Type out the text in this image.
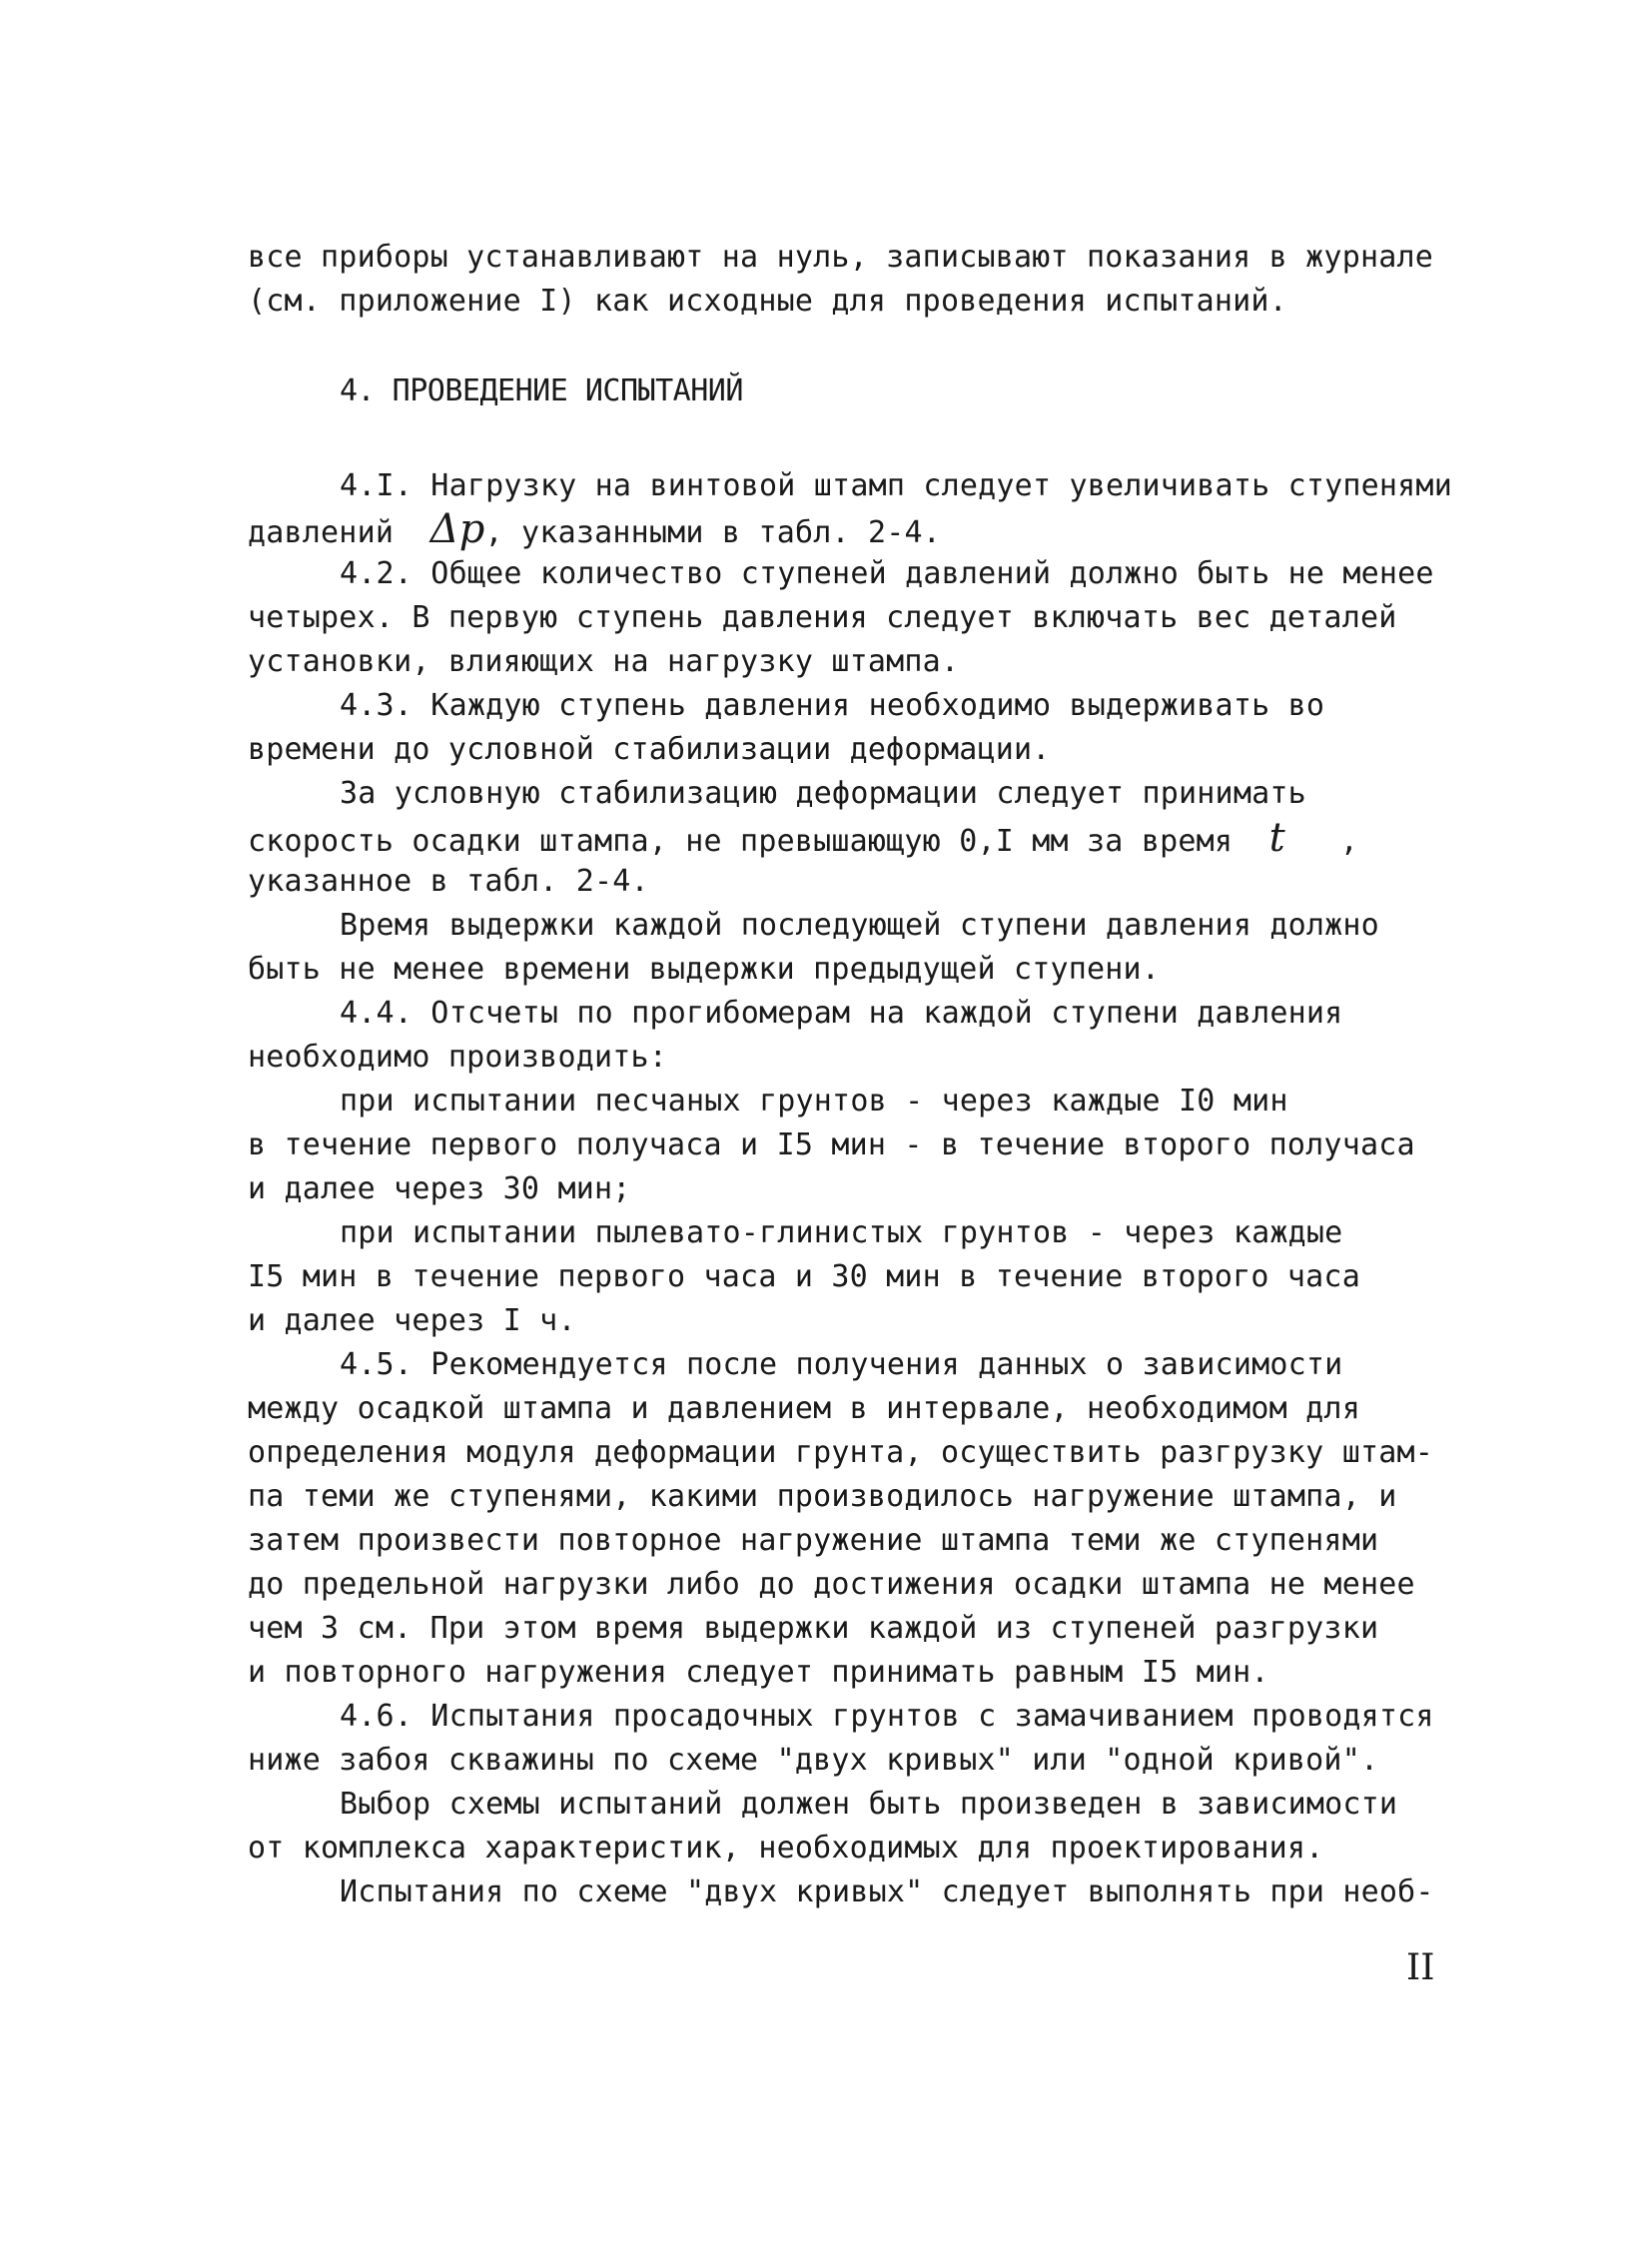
все приборы устанавливают на нуль, записывают показания в журнале
(см. приложение I) как исходные для проведения испытаний.
4. ПРОВЕДЕНИЕ ИСПЫТАНИЙ
4.I. Нагрузку на винтовой штамп следует увеличивать ступенями
давлений Δp, указанными в табл. 2-4.
4.2. Общее количество ступеней давлений должно быть не менее
четырех. В первую ступень давления следует включать вес деталей
установки, влияющих на нагрузку штампа.
4.3. Каждую ступень давления необходимо выдерживать во
времени до условной стабилизации деформации.
За условную стабилизацию деформации следует принимать
скорость осадки штампа, не превышающую 0,I мм за время t ,
указанное в табл. 2-4.
Время выдержки каждой последующей ступени давления должно
быть не менее времени выдержки предыдущей ступени.
4.4. Отсчеты по прогибомерам на каждой ступени давления
необходимо производить:
при испытании песчаных грунтов - через каждые I0 мин
в течение первого получаса и I5 мин - в течение второго получаса
и далее через 30 мин;
при испытании пылевато-глинистых грунтов - через каждые
I5 мин в течение первого часа и 30 мин в течение второго часа
и далее через I ч.
4.5. Рекомендуется после получения данных о зависимости
между осадкой штампа и давлением в интервале, необходимом для
определения модуля деформации грунта, осуществить разгрузку штам-
па теми же ступенями, какими производилось нагружение штампа, и
затем произвести повторное нагружение штампа теми же ступенями
до предельной нагрузки либо до достижения осадки штампа не менее
чем 3 см. При этом время выдержки каждой из ступеней разгрузки
и повторного нагружения следует принимать равным I5 мин.
4.6. Испытания просадочных грунтов с замачиванием проводятся
ниже забоя скважины по схеме "двух кривых" или "одной кривой".
Выбор схемы испытаний должен быть произведен в зависимости
от комплекса характеристик, необходимых для проектирования.
Испытания по схеме "двух кривых" следует выполнять при необ-
II
